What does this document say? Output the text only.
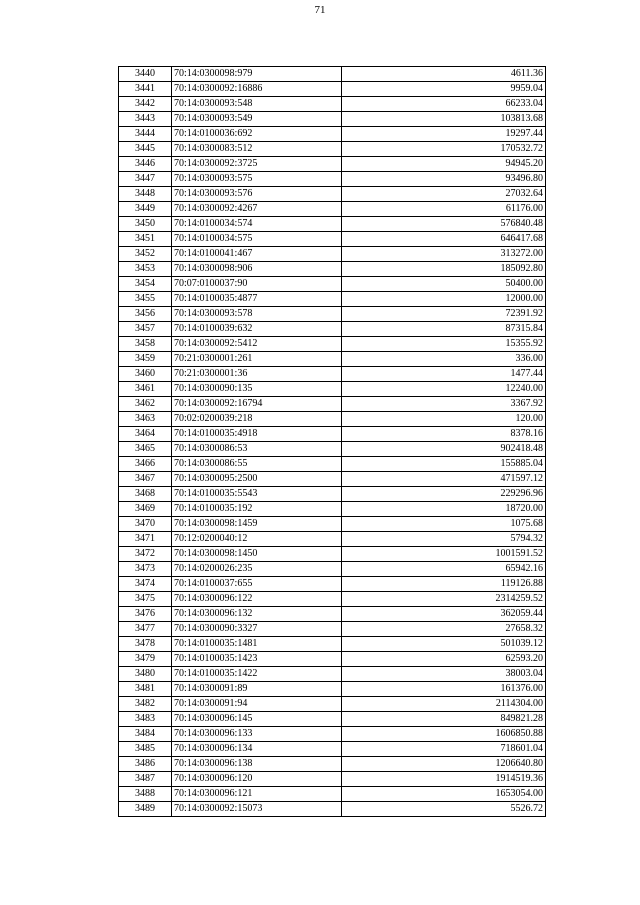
71
3440	70:14:0300098:979	4611.36
3441	70:14:0300092:16886	9959.04
3442	70:14:0300093:548	66233.04
3443	70:14:0300093:549	103813.68
3444	70:14:0100036:692	19297.44
3445	70:14:0300083:512	170532.72
3446	70:14:0300092:3725	94945.20
3447	70:14:0300093:575	93496.80
3448	70:14:0300093:576	27032.64
3449	70:14:0300092:4267	61176.00
3450	70:14:0100034:574	576840.48
3451	70:14:0100034:575	646417.68
3452	70:14:0100041:467	313272.00
3453	70:14:0300098:906	185092.80
3454	70:07:0100037:90	50400.00
3455	70:14:0100035:4877	12000.00
3456	70:14:0300093:578	72391.92
3457	70:14:0100039:632	87315.84
3458	70:14:0300092:5412	15355.92
3459	70:21:0300001:261	336.00
3460	70:21:0300001:36	1477.44
3461	70:14:0300090:135	12240.00
3462	70:14:0300092:16794	3367.92
3463	70:02:0200039:218	120.00
3464	70:14:0100035:4918	8378.16
3465	70:14:0300086:53	902418.48
3466	70:14:0300086:55	155885.04
3467	70:14:0300095:2500	471597.12
3468	70:14:0100035:5543	229296.96
3469	70:14:0100035:192	18720.00
3470	70:14:0300098:1459	1075.68
3471	70:12:0200040:12	5794.32
3472	70:14:0300098:1450	1001591.52
3473	70:14:0200026:235	65942.16
3474	70:14:0100037:655	119126.88
3475	70:14:0300096:122	2314259.52
3476	70:14:0300096:132	362059.44
3477	70:14:0300090:3327	27658.32
3478	70:14:0100035:1481	501039.12
3479	70:14:0100035:1423	62593.20
3480	70:14:0100035:1422	38003.04
3481	70:14:0300091:89	161376.00
3482	70:14:0300091:94	2114304.00
3483	70:14:0300096:145	849821.28
3484	70:14:0300096:133	1606850.88
3485	70:14:0300096:134	718601.04
3486	70:14:0300096:138	1206640.80
3487	70:14:0300096:120	1914519.36
3488	70:14:0300096:121	1653054.00
3489	70:14:0300092:15073	5526.72
